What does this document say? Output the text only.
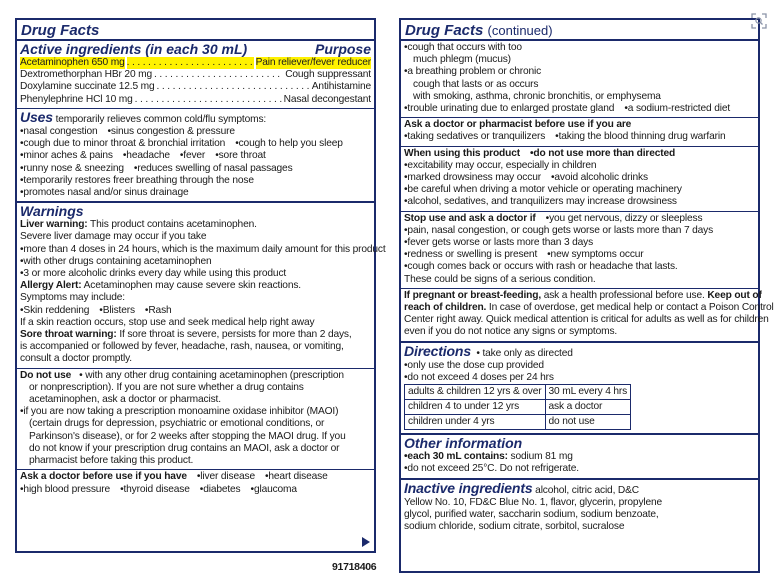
Drug Facts
Active ingredients (in each 30 mL)	Purpose
Acetaminophen 650 mg . . .	Pain reliever/fever reducer
Dextromethorphan HBr 20 mg . . .	Cough suppressant
Doxylamine succinate 12.5 mg . . .	Antihistamine
Phenylephrine HCl 10 mg . . .	Nasal decongestant
Uses temporarily relieves common cold/flu symptoms:
• nasal congestion	• sinus congestion & pressure
• cough due to minor throat & bronchial irritation	• cough to help you sleep
• minor aches & pains	• headache	• fever	• sore throat
• runny nose & sneezing	• reduces swelling of nasal passages
• temporarily restores freer breathing through the nose
• promotes nasal and/or sinus drainage
Warnings
Liver warning: This product contains acetaminophen.
Severe liver damage may occur if you take
• more than 4 doses in 24 hours, which is the maximum daily amount for this product
• with other drugs containing acetaminophen
• 3 or more alcoholic drinks every day while using this product
Allergy Alert: Acetaminophen may cause severe skin reactions.
Symptoms may include:
• Skin reddening	• Blisters	• Rash
If a skin reaction occurs, stop use and seek medical help right away
Sore throat warning: If sore throat is severe, persists for more than 2 days,
is accompanied or followed by fever, headache, rash, nausea, or vomiting,
consult a doctor promptly.
Do not use   • with any other drug containing acetaminophen (prescription
or nonprescription). If you are not sure whether a drug contains
acetaminophen, ask a doctor or pharmacist.
• if you are now taking a prescription monoamine oxidase inhibitor (MAOI)
(certain drugs for depression, psychiatric or emotional conditions, or
Parkinson's disease), or for 2 weeks after stopping the MAOI drug. If you
do not know if your prescription drug contains an MAOI, ask a doctor or
pharmacist before taking this product.
Ask a doctor before use if you have	• liver disease	• heart disease
• high blood pressure	• thyroid disease	• diabetes	• glaucoma
91718406
Drug Facts (continued)
• cough that occurs with too
much phlegm (mucus)
• a breathing problem or chronic
cough that lasts or as occurs
with smoking, asthma, chronic bronchitis, or emphysema
• trouble urinating due to enlarged prostate gland	• a sodium-restricted diet
Ask a doctor or pharmacist before use if you are
• taking sedatives or tranquilizers	• taking the blood thinning drug warfarin
When using this product	• do not use more than directed
• excitability may occur, especially in children
• marked drowsiness may occur	• avoid alcoholic drinks
• be careful when driving a motor vehicle or operating machinery
• alcohol, sedatives, and tranquilizers may increase drowsiness
Stop use and ask a doctor if	• you get nervous, dizzy or sleepless
• pain, nasal congestion, or cough gets worse or lasts more than 7 days
• fever gets worse or lasts more than 3 days
• redness or swelling is present	• new symptoms occur
• cough comes back or occurs with rash or headache that lasts.
These could be signs of a serious condition.
If pregnant or breast-feeding, ask a health professional before use. Keep out of
reach of children. In case of overdose, get medical help or contact a Poison Control
Center right away. Quick medical attention is critical for adults as well as for children
even if you do not notice any signs or symptoms.
Directions  • take only as directed
• only use the dose cup provided
• do not exceed 4 doses per 24 hrs
adults & children 12 yrs & over	30 mL every 4 hrs
children 4 to under 12 yrs	ask a doctor
children under 4 yrs	do not use
Other information
• each 30 mL contains: sodium 81 mg
• do not exceed 25°C. Do not refrigerate.
Inactive ingredients alcohol, citric acid, D&C
Yellow No. 10, FD&C Blue No. 1, flavor, glycerin, propylene
glycol, purified water, saccharin sodium, sodium benzoate,
sodium chloride, sodium citrate, sorbitol, sucralose
